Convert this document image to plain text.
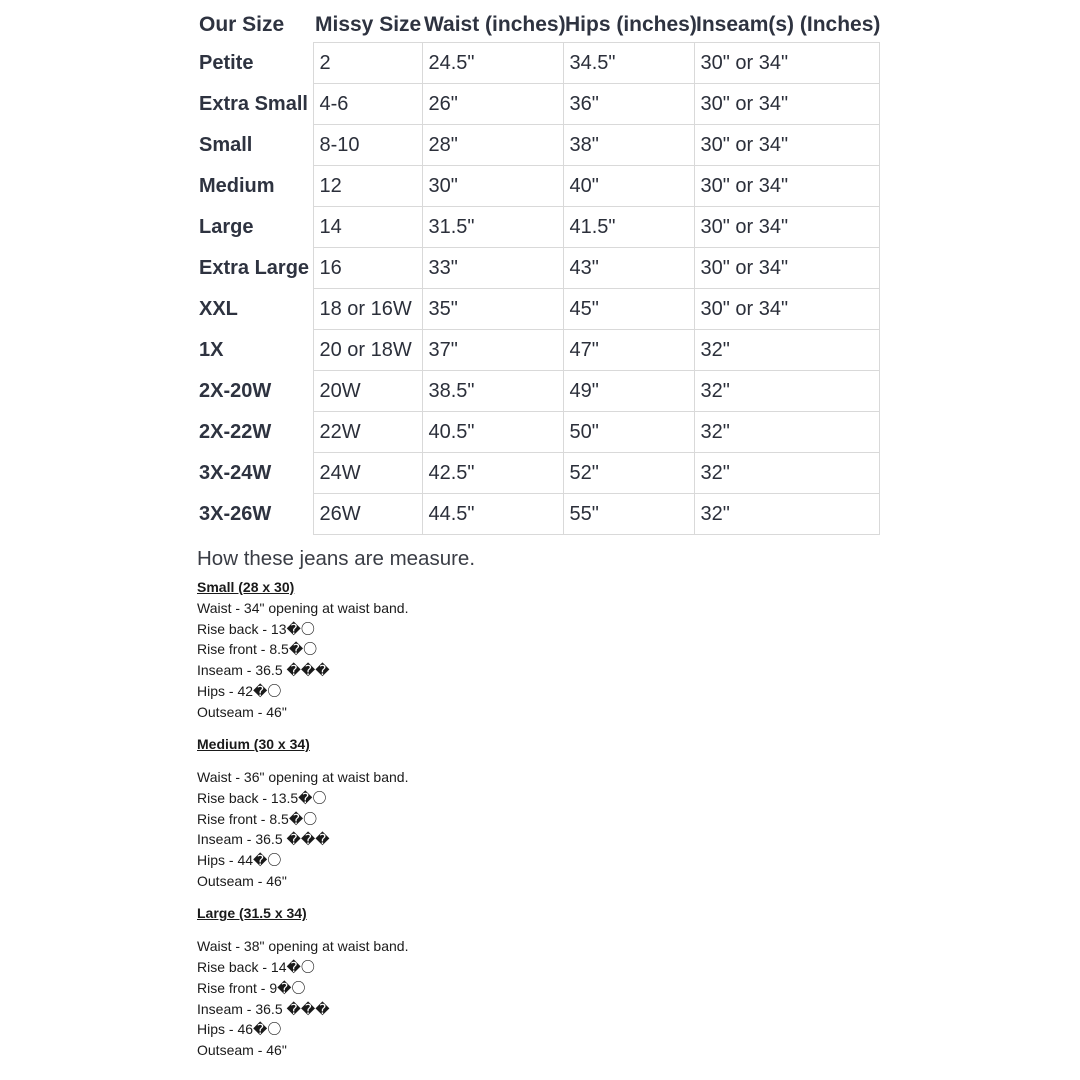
Our Size	Missy Size	Waist (inches)	Hips (inches)	Inseam(s) (Inches)
Petite	2	24.5"	34.5"	30" or 34"
Extra Small	4-6	26"	36"	30" or 34"
Small	8-10	28"	38"	30" or 34"
Medium	12	30"	40"	30" or 34"
Large	14	31.5"	41.5"	30" or 34"
Extra Large	16	33"	43"	30" or 34"
XXL	18 or 16W	35"	45"	30" or 34"
1X	20 or 18W	37"	47"	32"
2X-20W	20W	38.5"	49"	32"
2X-22W	22W	40.5"	50"	32"
3X-24W	24W	42.5"	52"	32"
3X-26W	26W	44.5"	55"	32"
How these jeans are measure.
Small (28 x 30)
Waist - 34" opening at waist band.
Rise back - 13�〇
Rise front - 8.5�〇
Inseam - 36.5 ���
Hips - 42�〇
Outseam - 46"
Medium (30 x 34)
Waist - 36" opening at waist band.
Rise back - 13.5�〇
Rise front - 8.5�〇
Inseam - 36.5 ���
Hips - 44�〇
Outseam - 46"
Large (31.5 x 34)
Waist - 38" opening at waist band.
Rise back - 14�〇
Rise front - 9�〇
Inseam - 36.5 ���
Hips - 46�〇
Outseam - 46"
